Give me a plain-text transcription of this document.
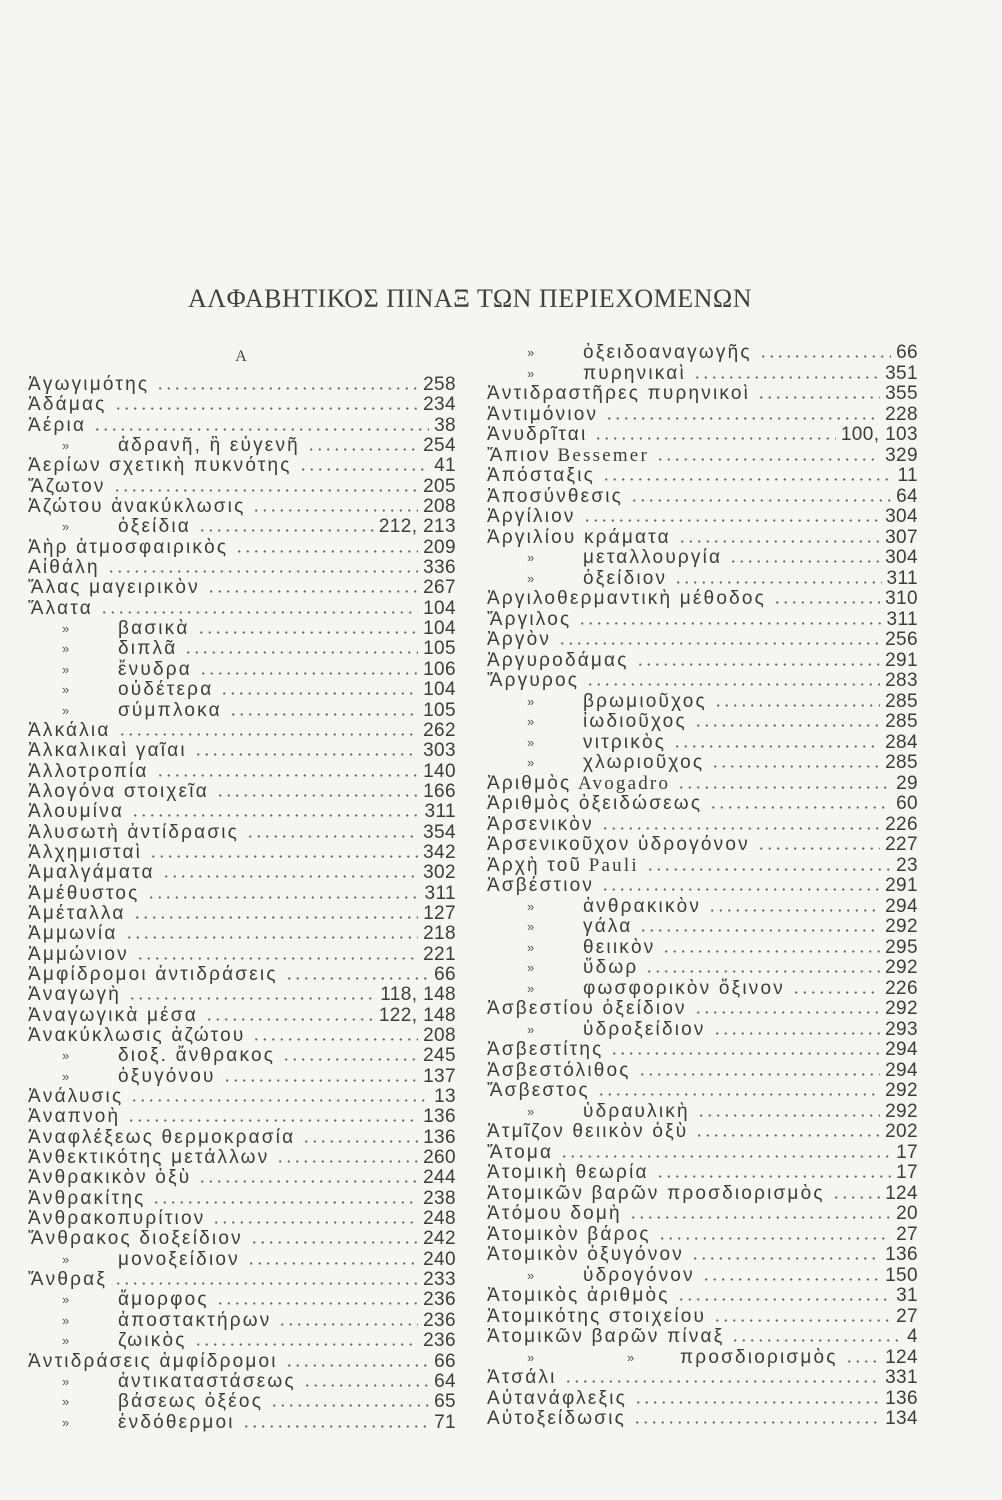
ΑΛΦΑΒΗΤΙΚΟΣ ΠΙΝΑΞ ΤΩΝ ΠΕΡΙΕΧΟΜΕΝΩΝ
Α
Ἀγωγιμότης	258
Ἀδάμας	234
Ἀέρια	38
»	ἀδρανῆ, ἢ εὐγενῆ	254
Ἀερίων σχετικὴ πυκνότης	41
Ἄζωτον	205
Ἀζώτου ἀνακύκλωσις	208
»	ὀξείδια	212, 213
Ἀὴρ ἀτμοσφαιρικὸς	209
Αἰθάλη	336
Ἅλας μαγειρικὸν	267
Ἅλατα	104
»	βασικὰ	104
»	διπλᾶ	105
»	ἔνυδρα	106
»	οὐδέτερα	104
»	σύμπλοκα	105
Ἀλκάλια	262
Ἀλκαλικαὶ γαῖαι	303
Ἀλλοτροπία	140
Ἀλογόνα στοιχεῖα	166
Ἀλουμίνα	311
Ἀλυσωτὴ ἀντίδρασις	354
Ἀλχημισταὶ	342
Ἀμαλγάματα	302
Ἀμέθυστος	311
Ἀμέταλλα	127
Ἀμμωνία	218
Ἀμμώνιον	221
Ἀμφίδρομοι ἀντιδράσεις	66
Ἀναγωγὴ	118, 148
Ἀναγωγικὰ μέσα	122, 148
Ἀνακύκλωσις ἀζώτου	208
»	διοξ. ἄνθρακος	245
»	ὀξυγόνου	137
Ἀνάλυσις	13
Ἀναπνοὴ	136
Ἀναφλέξεως θερμοκρασία	136
Ἀνθεκτικότης μετάλλων	260
Ἀνθρακικὸν ὀξὺ	244
Ἀνθρακίτης	238
Ἀνθρακοπυρίτιον	248
Ἄνθρακος διοξείδιον	242
»	μονοξείδιον	240
Ἄνθραξ	233
»	ἄμορφος	236
»	ἀποστακτήρων	236
»	ζωικὸς	236
Ἀντιδράσεις ἀμφίδρομοι	66
»	ἀντικαταστάσεως	64
»	βάσεως ὀξέος	65
»	ἐνδόθερμοι	71
»	ὀξειδοαναγωγῆς	66
»	πυρηνικαὶ	351
Ἀντιδραστῆρες πυρηνικοὶ	355
Ἀντιμόνιον	228
Ἀνυδρῖται	100, 103
Ἄπιον Bessemer	329
Ἀπόσταξις	11
Ἀποσύνθεσις	64
Ἀργίλιον	304
Ἀργιλίου κράματα	307
»	μεταλλουργία	304
»	ὀξείδιον	311
Ἀργιλοθερμαντικὴ μέθοδος	310
Ἄργιλος	311
Ἀργὸν	256
Ἀργυροδάμας	291
Ἄργυρος	283
»	βρωμιοῦχος	285
»	ἰωδιοῦχος	285
»	νιτρικὸς	284
»	χλωριοῦχος	285
Ἀριθμὸς Avogadro	29
Ἀριθμὸς ὀξειδώσεως	60
Ἀρσενικὸν	226
Ἀρσενικοῦχον ὑδρογόνον	227
Ἀρχὴ τοῦ Pauli	23
Ἀσβέστιον	291
»	ἀνθρακικὸν	294
»	γάλα	292
»	θειικὸν	295
»	ὕδωρ	292
»	φωσφορικὸν ὄξινον	226
Ἀσβεστίου ὀξείδιον	292
»	ὑδροξείδιον	293
Ἀσβεστίτης	294
Ἀσβεστόλιθος	294
Ἄσβεστος	292
»	ὑδραυλικὴ	292
Ἀτμῖζον θειικὸν ὀξὺ	202
Ἄτομα	17
Ἀτομικὴ θεωρία	17
Ἀτομικῶν βαρῶν προσδιορισμὸς	124
Ἀτόμου δομὴ	20
Ἀτομικὸν βάρος	27
Ἀτομικὸν ὀξυγόνον	136
»	ὑδρογόνον	150
Ἀτομικὸς ἀριθμὸς	31
Ἀτομικότης στοιχείου	27
Ἀτομικῶν βαρῶν πίναξ	4
»	» προσδιορισμὸς 124
Ἀτσάλι	331
Αὐτανάφλεξις	136
Αὐτοξείδωσις	134
